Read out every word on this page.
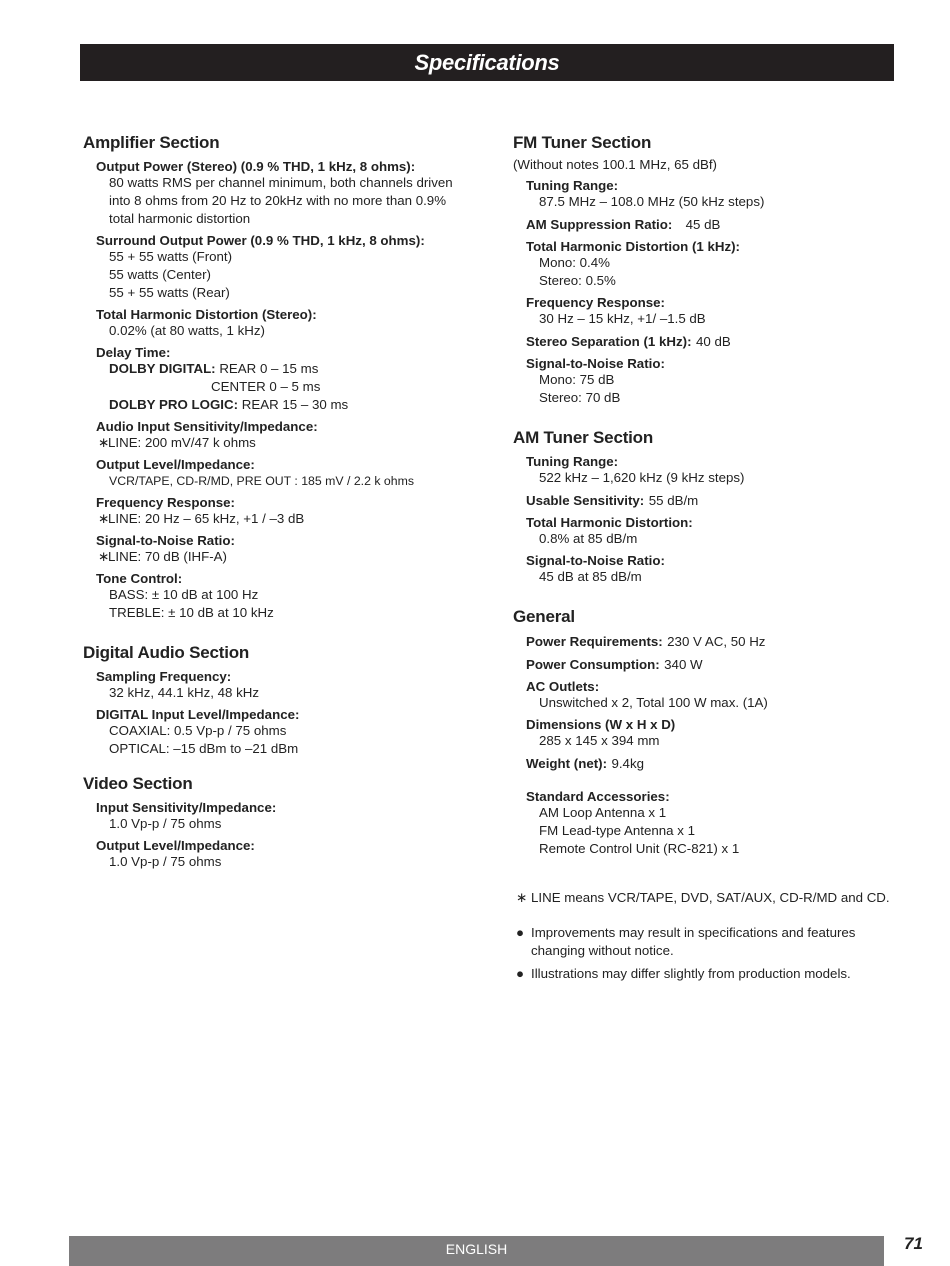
Specifications
Amplifier Section
Output Power (Stereo) (0.9 % THD, 1 kHz, 8 ohms):
80 watts RMS per channel minimum, both channels driven
into 8 ohms from 20 Hz to 20kHz with no more than 0.9%
total harmonic distortion
Surround Output Power (0.9 % THD, 1 kHz, 8 ohms):
55 + 55 watts (Front)
55 watts (Center)
55 + 55 watts (Rear)
Total Harmonic Distortion (Stereo):
0.02% (at 80 watts, 1 kHz)
Delay Time:
DOLBY DIGITAL: REAR 0 – 15 ms
CENTER 0 – 5 ms
DOLBY PRO LOGIC: REAR 15 – 30 ms
Audio Input Sensitivity/Impedance:
∗LINE: 200 mV/47 k ohms
Output Level/Impedance:
VCR/TAPE, CD-R/MD, PRE OUT : 185 mV / 2.2 k ohms
Frequency Response:
∗LINE: 20 Hz – 65 kHz, +1 / –3 dB
Signal-to-Noise Ratio:
∗LINE: 70 dB (IHF-A)
Tone Control:
BASS: ± 10 dB at 100 Hz
TREBLE: ± 10 dB at 10 kHz
Digital Audio Section
Sampling Frequency:
32 kHz, 44.1 kHz, 48 kHz
DIGITAL Input Level/Impedance:
COAXIAL: 0.5 Vp-p / 75 ohms
OPTICAL: –15 dBm to –21 dBm
Video Section
Input Sensitivity/Impedance:
1.0 Vp-p / 75 ohms
Output Level/Impedance:
1.0 Vp-p / 75 ohms
FM Tuner Section
(Without notes 100.1 MHz, 65 dBf)
Tuning Range:
87.5 MHz – 108.0 MHz (50 kHz steps)
AM Suppression Ratio: 45 dB
Total Harmonic Distortion (1 kHz):
Mono: 0.4%
Stereo: 0.5%
Frequency Response:
30 Hz – 15 kHz, +1/ –1.5 dB
Stereo Separation (1 kHz): 40 dB
Signal-to-Noise Ratio:
Mono: 75 dB
Stereo: 70 dB
AM Tuner Section
Tuning Range:
522 kHz – 1,620 kHz (9 kHz steps)
Usable Sensitivity: 55 dB/m
Total Harmonic Distortion:
0.8% at 85 dB/m
Signal-to-Noise Ratio:
45 dB at 85 dB/m
General
Power Requirements: 230 V AC, 50 Hz
Power Consumption: 340 W
AC Outlets:
Unswitched x 2, Total 100 W max. (1A)
Dimensions (W x H x D)
285 x 145 x 394 mm
Weight (net): 9.4kg
Standard Accessories:
AM Loop Antenna x 1
FM Lead-type Antenna x 1
Remote Control Unit (RC-821) x 1
∗ LINE means VCR/TAPE, DVD, SAT/AUX, CD-R/MD and CD.
● Improvements may result in specifications and features changing without notice.
● Illustrations may differ slightly from production models.
ENGLISH	71
